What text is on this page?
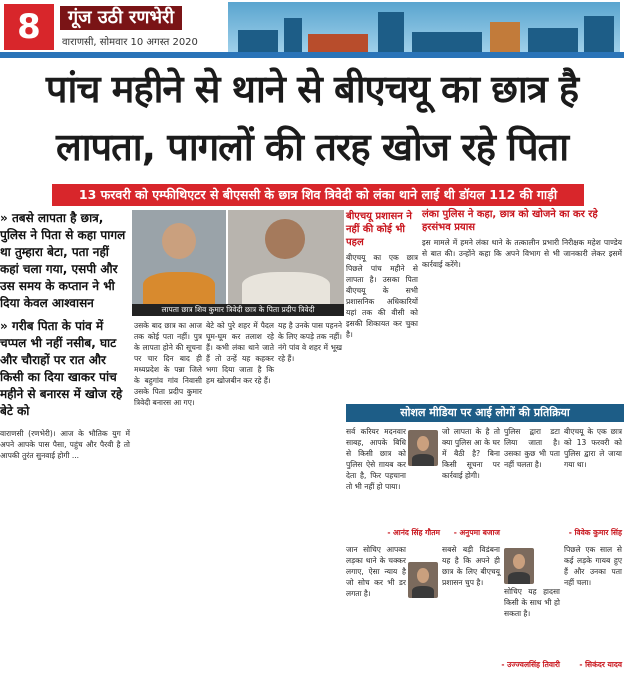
8	गूंज उठी रणभेरी
वाराणसी, सोमवार 10 अगस्त 2020
पांच महीने से थाने से बीएचयू का छात्र है
लापता, पागलों की तरह खोज रहे पिता
13 फरवरी को एम्फीथिएटर से बीएससी के छात्र शिव त्रिवेदी को लंका थाने लाई थी डॉयल 112 की गाड़ी
» तबसे लापता है छात्र, पुलिस ने पिता से कहा पागल था तुम्हारा बेटा, पता नहीं कहां चला गया, एसपी और उस समय के कप्तान ने भी दिया केवल आश्वासन
» गरीब पिता के पांव में चप्पल भी नहीं नसीब, घाट और चौराहों पर रात और किसी का दिया खाकर पांच महीने से बनारस में खोज रहे बेटे को
वाराणसी (रणभेरी)। आज के भौतिक युग में अपने आपके पास पैसा, पहुंच और पैरवी है तो आपकी तुरंत सुनवाई होगी ...
लापता छात्र शिव कुमार त्रिवेदी छात्र के पिता प्रदीप त्रिवेदी
उसके बाद छात्र का आज तक कोई पता नहीं। पुत्र के लापता होने की सूचना पर चार दिन बाद ही मध्यप्रदेश के पन्ना जिले के बहुगांव गांव निवासी उसके पिता प्रदीप कुमार त्रिवेदी बनारस आ गए।
बेटे को पुरे शहर में पैदल घूम-घूम कर तलाश रहे हैं। कभी लंका थाने जाते हैं तो उन्हें यह कहकर भगा दिया जाता है कि हम खोजबीन कर रहे हैं।
यह है उनके पास पहनने के लिए कपड़े तक नहीं। नंगे पांव वे शहर में भूख रहे हैं।
बीएचयू प्रशासन ने नहीं की कोई भी पहल
बीएचयू का एक छात्र पिछले पांच महीने से लापता है। उसका पिता बीएचयू के सभी प्रशासनिक अधिकारियों यहां तक की वीसी को इसकी शिकायत कर चुका है।
लंका पुलिस ने कहा, छात्र को खोजने का कर रहे हरसंभव प्रयास
इस मामले में हमने लंका थाने के तत्कालीन प्रभारी निरीक्षक महेश पाण्डेय से बात की। उन्होंने कहा कि अपने विभाग से भी जानकारी लेकर इसमें कार्रवाई करेंगे।
सोशल मीडिया पर आई लोगों की प्रतिक्रिया
सर्व करियर मदनवार साबह, आपके बिधि से किसी छात्र को पुलिस ऐसे ग़ायब कर देता है, फिर पहचाना तो भी नहीं हो पाया।
जो लापता के है तो क्या पुलिस आ के घर में बैठी है? बिना किसी सूचना पर कार्रवाई होगी।
पुलिस द्वारा डटा लिया जाता है। उसका कुछ भी पता नहीं चलता है।
बीएचयू के एक छात्र को 13 फरवरी को पुलिस द्वारा ले जाया गया था।
- आनंद सिंह गौतम	- अनुपमा बजाज	- विवेक कुमार सिंह
जान सोचिए आपका लड़का थाने के चक्कर लगाए, ऐसा न्याय है जो सोच कर भी डर लगता है।
सबसे बड़ी विडंबना यह है कि अपने ही छात्र के लिए बीएचयू प्रशासन चुप है।
सोचिए यह हादसा किसी के साथ भी हो सकता है।
पिछले एक साल से कई लड़के गायब हुए हैं और उनका पता नहीं चला।
- उज्ज्वलसिंह तिवारी	- सिकंदर यादव
